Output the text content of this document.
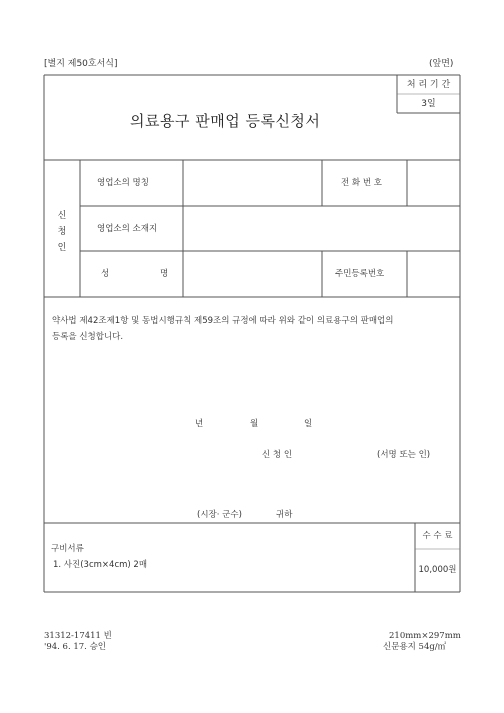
[별지 제50호서식]	(앞면)
의료용구 판매업 등록신청서
처 리 기 간
3일
신
청
인
영업소의 명칭	전 화 번 호
영업소의 소재지
성	명	주민등록번호
약사법 제42조제1항 및 동법시행규칙 제59조의 규정에 따라 위와 같이 의료용구의 판매업의
등록을 신청합니다.
년	월	일
신 청 인	(서명 또는 인)
(시장· 군수)	귀하
구비서류
1. 사진(3cm×4cm) 2매
수 수 료
10,000원
31312-17411 빈
'94. 6. 17. 승인
210mm×297mm
신문용지 54g/㎡
